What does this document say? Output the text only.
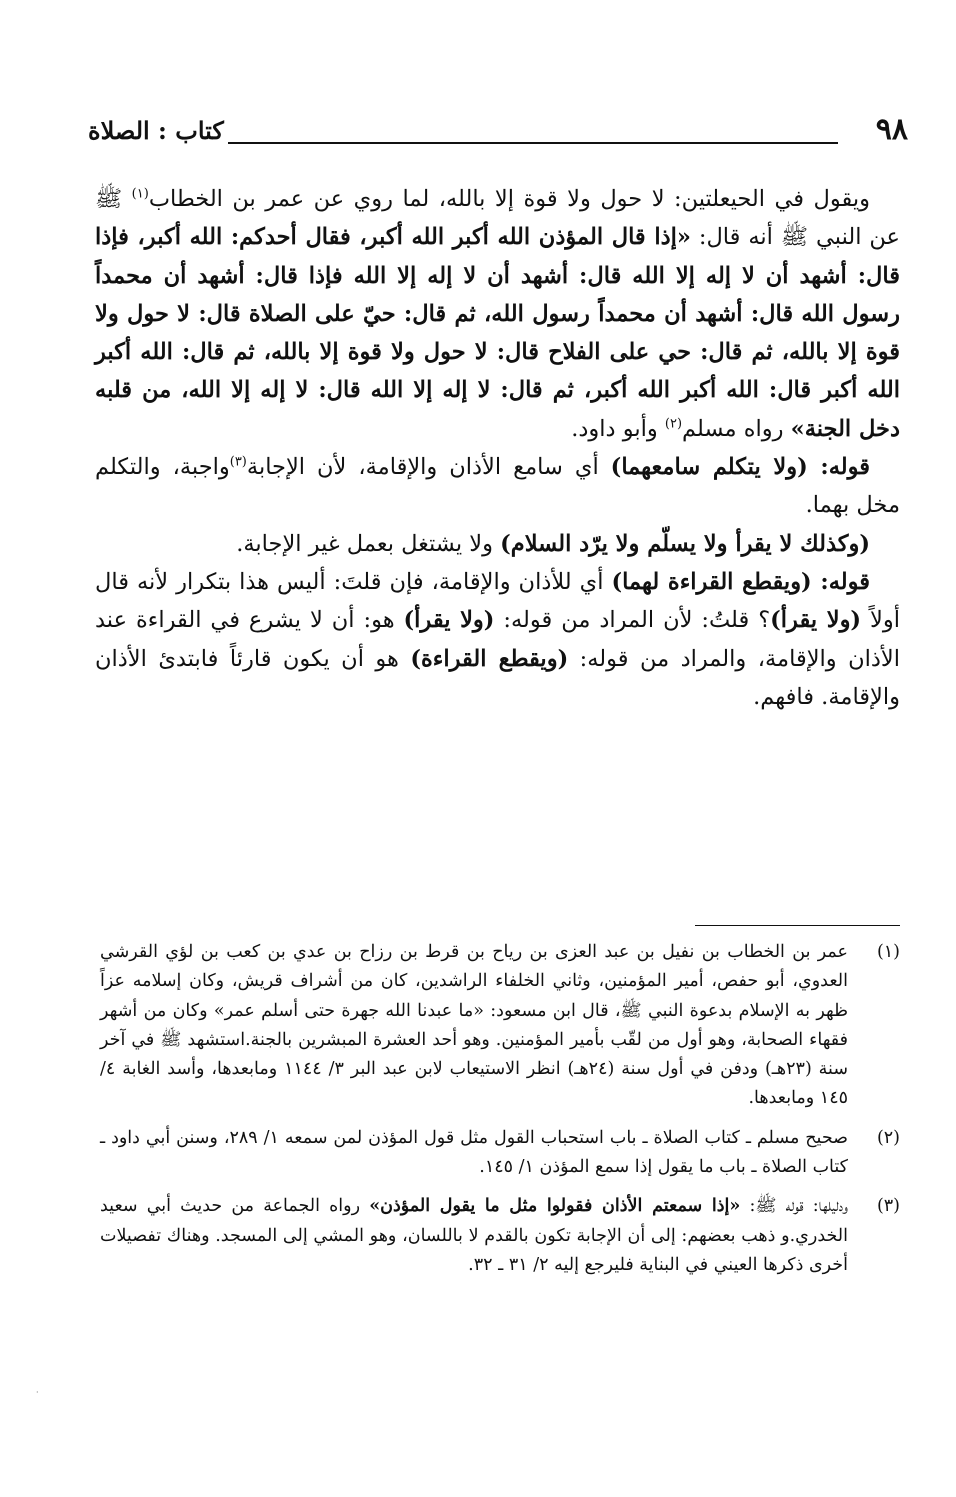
٩٨
كتاب : الصلاة

ويقول في الحيعلتين: لا حول ولا قوة إلا بالله، لما روي عن عمر بن الخطاب$^{(١)}$ ﷺ عن النبي ﷺ أنه قال: «إذا قال المؤذن الله أكبر الله أكبر، فقال أحدكم: الله أكبر، فإذا قال: أشهد أن لا إله إلا الله قال: أشهد أن لا إله إلا الله فإذا قال: أشهد أن محمداً رسول الله قال: أشهد أن محمداً رسول الله، ثم قال: حيّ على الصلاة قال: لا حول ولا قوة إلا بالله، ثم قال: حي على الفلاح قال: لا حول ولا قوة إلا بالله، ثم قال: الله أكبر الله أكبر قال: الله أكبر الله أكبر، ثم قال: لا إله إلا الله قال: لا إله إلا الله، من قلبه دخل الجنة» رواه مسلم$^{(٢)}$ وأبو داود.

قوله: (ولا يتكلم سامعهما) أي سامع الأذان والإقامة، لأن الإجابة$^{(٣)}$واجبة، والتكلم مخل بهما.

(وكذلك لا يقرأ ولا يسلّم ولا يرّد السلام) ولا يشتغل بعمل غير الإجابة.

قوله: (ويقطع القراءة لهما) أي للأذان والإقامة، فإن قلتَ: أليس هذا بتكرار لأنه قال أولاً (ولا يقرأ)؟ قلتُ: لأن المراد من قوله: (ولا يقرأ) هو: أن لا يشرع في القراءة عند الأذان والإقامة، والمراد من قوله: (ويقطع القراءة) هو أن يكون قارئاً فابتدئ الأذان والإقامة. فافهم.

(١)
عمر بن الخطاب بن نفيل بن عبد العزى بن رياح بن قرط بن رزاح بن عدي بن كعب بن لؤي القرشي العدوي، أبو حفص، أمير المؤمنين، وثاني الخلفاء الراشدين، كان من أشراف قريش، وكان إسلامه عزاً ظهر به الإسلام بدعوة النبي ﷺ، قال ابن مسعود: «ما عبدنا الله جهرة حتى أسلم عمر» وكان من أشهر فقهاء الصحابة، وهو أول من لقّب بأمير المؤمنين. وهو أحد العشرة المبشرين بالجنة.استشهد ﷺ في آخر سنة (٢٣هـ) ودفن في أول سنة (٢٤هـ) انظر الاستيعاب لابن عبد البر ٣/ ١١٤٤ ومابعدها، وأسد الغابة ٤/ ١٤٥ ومابعدها.
(٢)
صحيح مسلم ـ كتاب الصلاة ـ باب استحباب القول مثل قول المؤذن لمن سمعه ١/ ٢٨٩، وسنن أبي داود ـ كتاب الصلاة ـ باب ما يقول إذا سمع المؤذن ١/ ١٤٥.
(٣)
ودليلها: قوله ﷺ: «إذا سمعتم الأذان فقولوا مثل ما يقول المؤذن» رواه الجماعة من حديث أبي سعيد الخدري.و ذهب بعضهم: إلى أن الإجابة تكون بالقدم لا باللسان، وهو المشي إلى المسجد. وهناك تفصيلات أخرى ذكرها العيني في البناية فليرجع إليه ٢/ ٣١ ـ ٣٢.
·
